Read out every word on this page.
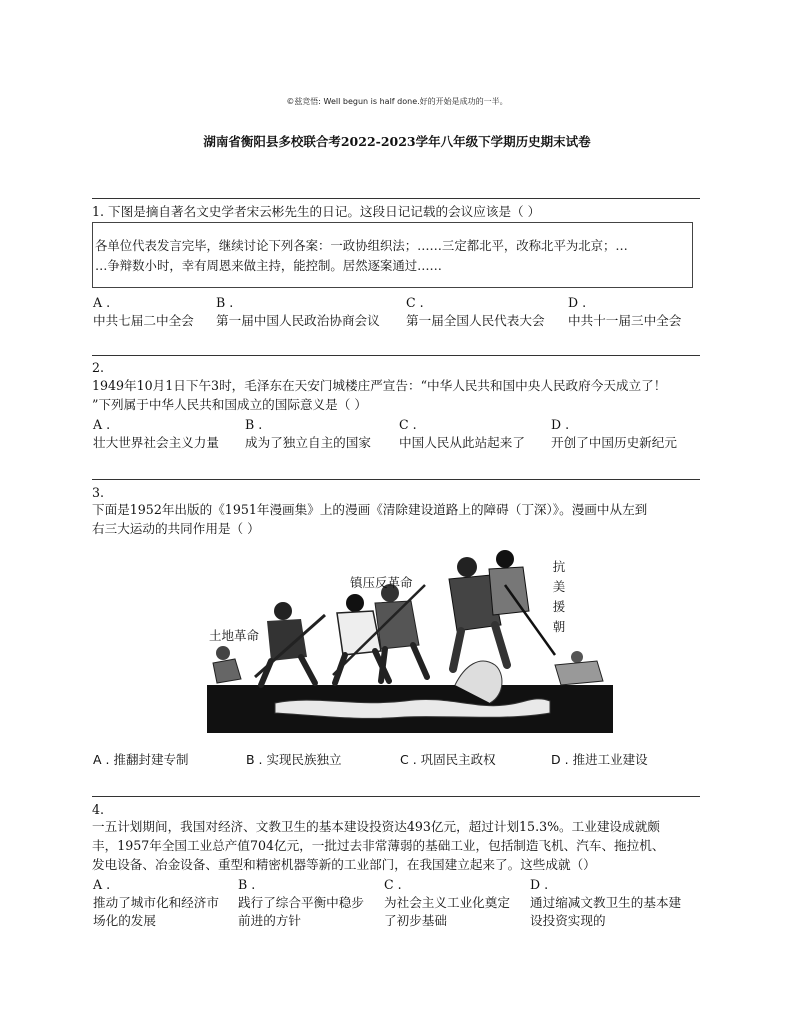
©兹竞悟: Well begun is half done.好的开始是成功的一半。
湖南省衡阳县多校联合考2022-2023学年八年级下学期历史期末试卷
1. 下图是摘自著名文史学者宋云彬先生的日记。这段日记记载的会议应该是（ ）
各单位代表发言完毕，继续讨论下列各案：一政协组织法；……三定都北平，改称北平为北京；…
…争辩数小时，幸有周恩来做主持，能控制。居然逐案通过……
A .
中共七届二中全会
B .
第一届中国人民政治协商会议
C .
第一届全国人民代表大会
D .
中共十一届三中全会
2.
1949年10月1日下午3时，毛泽东在天安门城楼庄严宣告：“中华人民共和国中央人民政府今天成立了！
”下列属于中华人民共和国成立的国际意义是（ ）
A .
壮大世界社会主义力量
B .
成为了独立自主的国家
C .
中国人民从此站起来了
D .
开创了中国历史新纪元
3.
下面是1952年出版的《1951年漫画集》上的漫画《清除建设道路上的障碍（丁深）》。漫画中从左到
右三大运动的共同作用是（ ）
土地革命
镇压反革命
抗
美
援
朝
A . 推翻封建专制	B . 实现民族独立	C . 巩固民主政权	D . 推进工业建设
4.
一五计划期间，我国对经济、文教卫生的基本建设投资达493亿元，超过计划15.3%。工业建设成就颇
丰，1957年全国工业总产值704亿元，一批过去非常薄弱的基础工业，包括制造飞机、汽车、拖拉机、
发电设备、冶金设备、重型和精密机器等新的工业部门，在我国建立起来了。这些成就（）
A .
推动了城市化和经济市
场化的发展
B .
践行了综合平衡中稳步
前进的方针
C .
为社会主义工业化奠定
了初步基础
D .
通过缩减文教卫生的基本建
设投资实现的
